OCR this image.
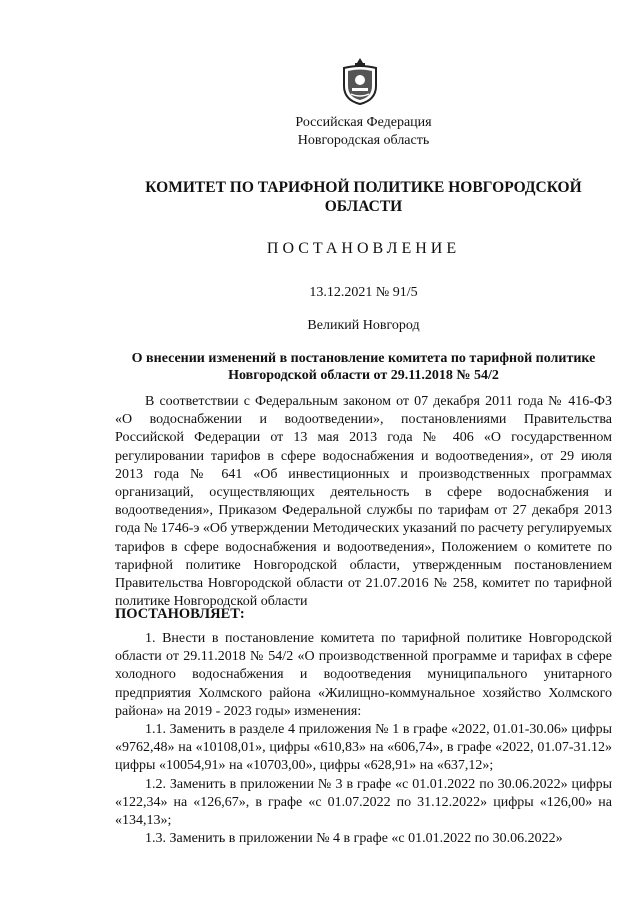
Российская Федерация
Новгородская область
КОМИТЕТ ПО ТАРИФНОЙ ПОЛИТИКЕ НОВГОРОДСКОЙ
ОБЛАСТИ
ПОСТАНОВЛЕНИЕ
13.12.2021 № 91/5
Великий Новгород
О внесении изменений в постановление комитета по тарифной политике
Новгородской области от 29.11.2018 № 54/2
В соответствии с Федеральным законом от 07 декабря 2011 года № 416-ФЗ «О водоснабжении и водоотведении», постановлениями Правительства Российской Федерации от 13 мая 2013 года № 406 «О государственном регулировании тарифов в сфере водоснабжения и водоотведения», от 29 июля 2013 года № 641 «Об инвестиционных и производственных программах организаций, осуществляющих деятельность в сфере водоснабжения и водоотведения», Приказом Федеральной службы по тарифам от 27 декабря 2013 года № 1746-э «Об утверждении Методических указаний по расчету регулируемых тарифов в сфере водоснабжения и водоотведения», Положением о комитете по тарифной политике Новгородской области, утвержденным постановлением Правительства Новгородской области от 21.07.2016 № 258, комитет по тарифной политике Новгородской области
ПОСТАНОВЛЯЕТ:

1. Внести в постановление комитета по тарифной политике Новгородской области от 29.11.2018 № 54/2 «О производственной программе и тарифах в сфере холодного водоснабжения и водоотведения муниципального унитарного предприятия Холмского района «Жилищно-коммунальное хозяйство Холмского района» на 2019 - 2023 годы» изменения:

1.1. Заменить в разделе 4 приложения № 1 в графе «2022, 01.01-30.06» цифры «9762,48» на «10108,01», цифры «610,83» на «606,74», в графе «2022, 01.07-31.12» цифры «10054,91» на «10703,00», цифры «628,91» на «637,12»;

1.2. Заменить в приложении № 3 в графе «с 01.01.2022 по 30.06.2022» цифры «122,34» на «126,67», в графе «с 01.07.2022 по 31.12.2022» цифры «126,00» на «134,13»;

1.3. Заменить в приложении № 4 в графе «с 01.01.2022 по 30.06.2022»
